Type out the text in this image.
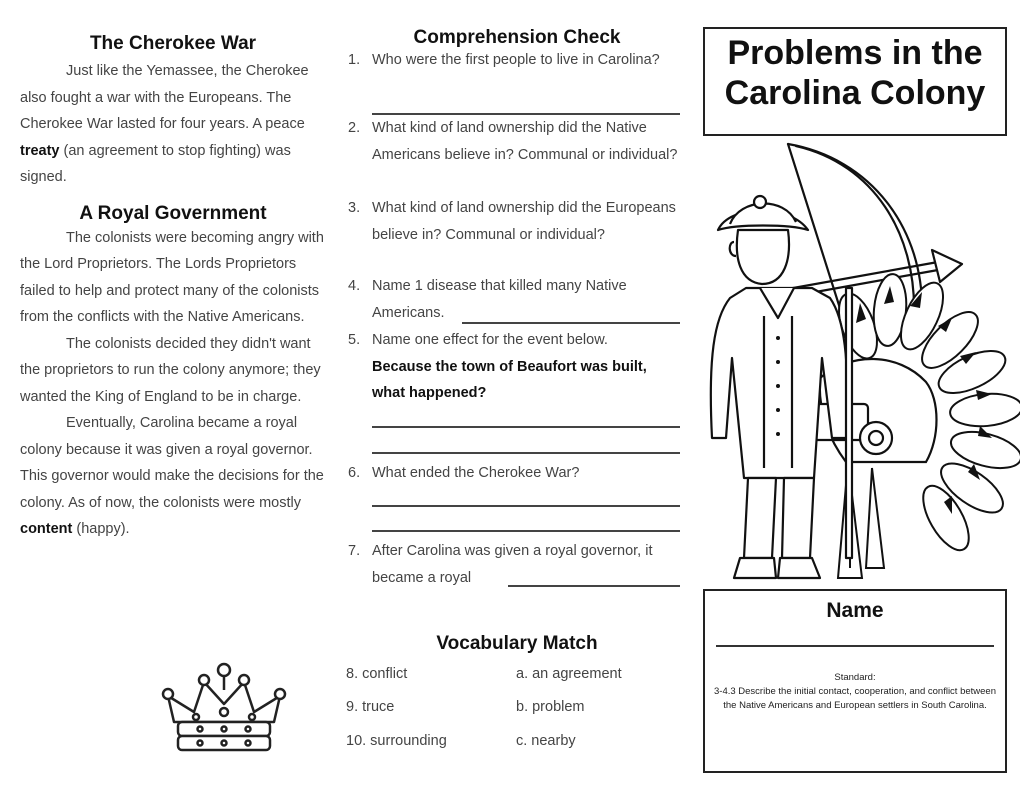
The Cherokee War
Just like the Yemassee, the Cherokee also fought a war with the Europeans. The Cherokee War lasted for four years. A peace treaty (an agreement to stop fighting) was signed.
A Royal Government
The colonists were becoming angry with the Lord Proprietors. The Lords Proprietors failed to help and protect many of the colonists from the conflicts with the Native Americans.
The colonists decided they didn't want the proprietors to run the colony anymore; they wanted the King of England to be in charge.
Eventually, Carolina became a royal colony because it was given a royal governor. This governor would make the decisions for the colony. As of now, the colonists were mostly content (happy).
Comprehension Check
1. Who were the first people to live in Carolina?
2. What kind of land ownership did the Native Americans believe in? Communal or individual?
3. What kind of land ownership did the Europeans believe in? Communal or individual?
4. Name 1 disease that killed many Native Americans.
5. Name one effect for the event below.
Because the town of Beaufort was built, what happened?
6. What ended the Cherokee War?
7. After Carolina was given a royal governor, it became a royal
Vocabulary Match
8. conflict
9. truce
10. surrounding
a. an agreement
b. problem
c. nearby
Problems in the Carolina Colony
Name
Standard:
3-4.3 Describe the initial contact, cooperation, and conflict between the Native Americans and European settlers in South Carolina.
